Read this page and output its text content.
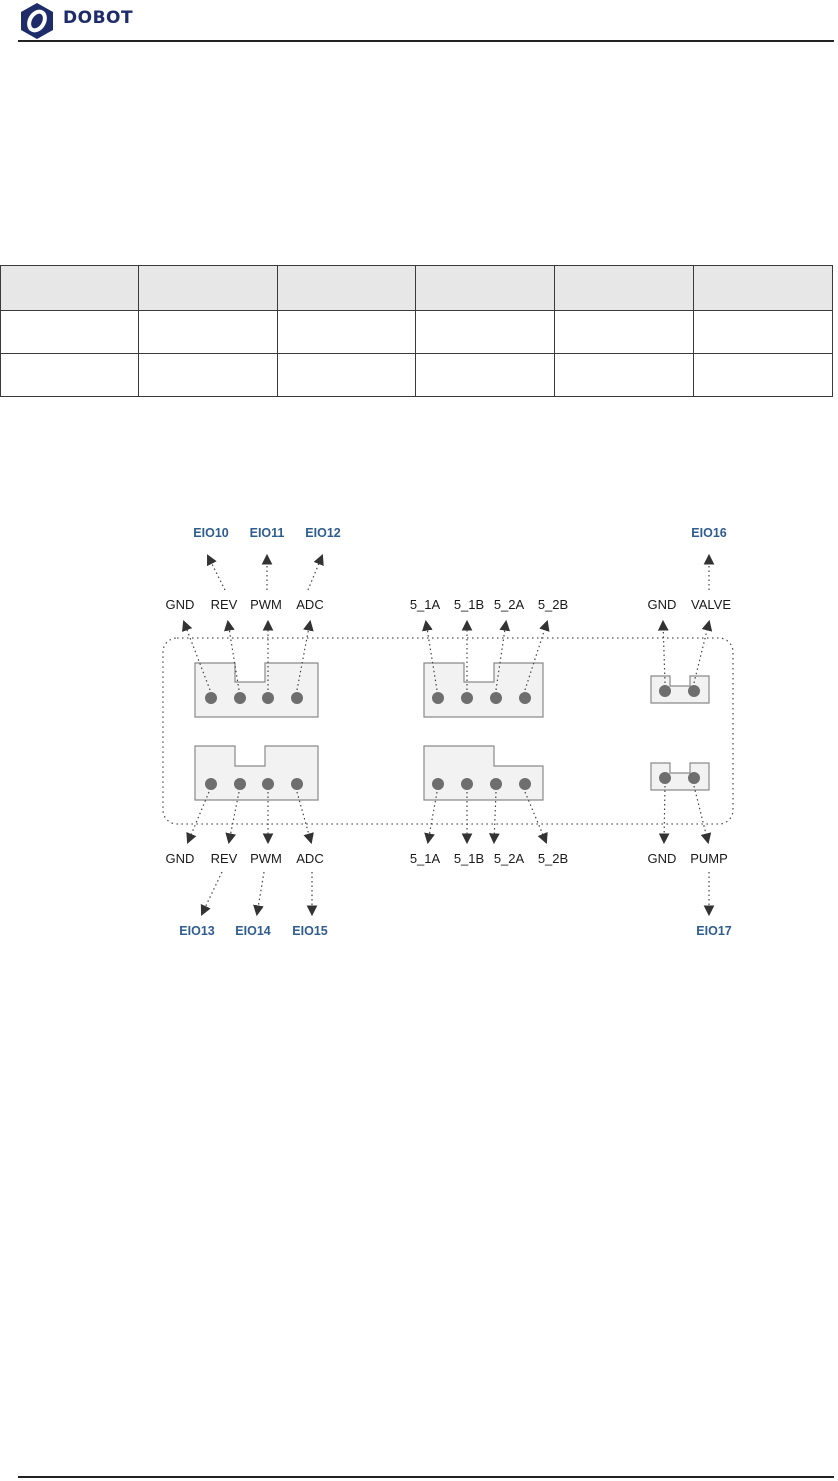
DOBOT

EIO10 EIO11 EIO12	EIO16
GND REV PWM ADC	5_1A 5_1B 5_2A 5_2B	GND VALVE
GND REV PWM ADC	5_1A 5_1B 5_2A 5_2B	GND PUMP
EIO13 EIO14 EIO15	EIO17
